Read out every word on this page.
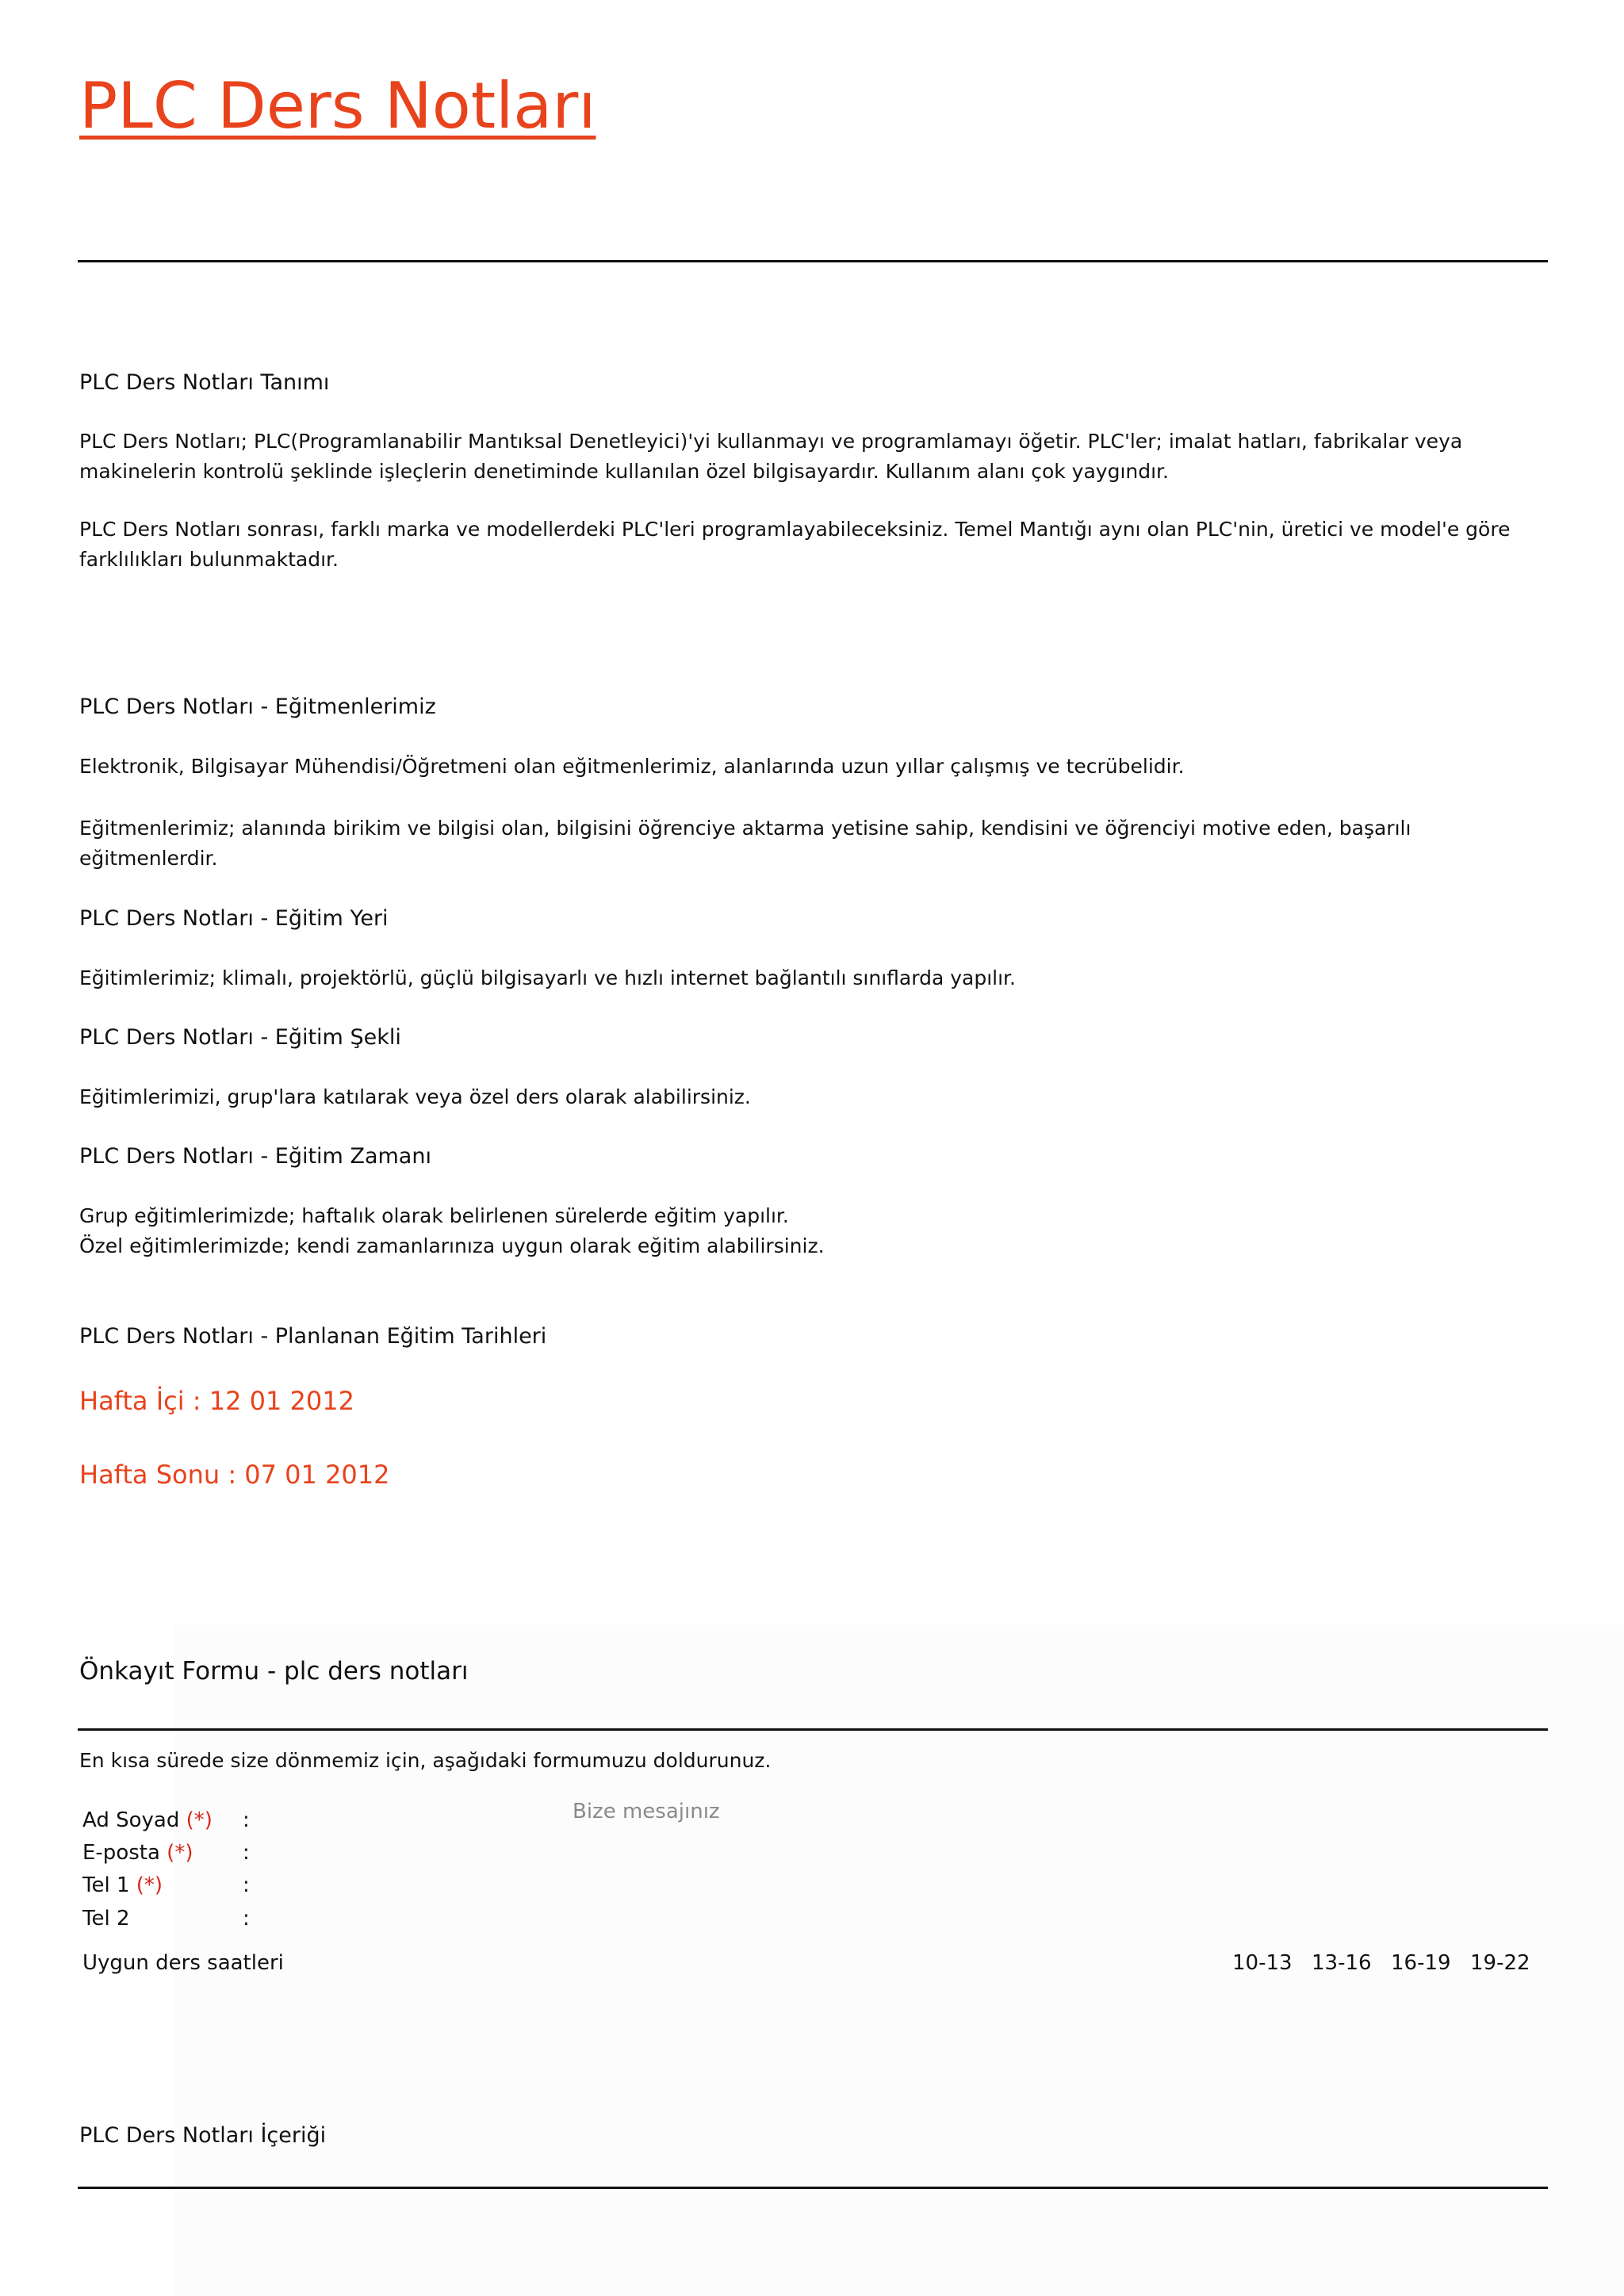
PLC Ders Notları
PLC Ders Notları Tanımı
PLC Ders Notları; PLC(Programlanabilir Mantıksal Denetleyici)'yi kullanmayı ve programlamayı öğetir. PLC'ler; imalat hatları, fabrikalar veya makinelerin kontrolü şeklinde işleçlerin denetiminde kullanılan özel bilgisayardır. Kullanım alanı çok yaygındır.
PLC Ders Notları sonrası, farklı marka ve modellerdeki PLC'leri programlayabileceksiniz. Temel Mantığı aynı olan PLC'nin, üretici ve model'e göre farklılıkları bulunmaktadır.
PLC Ders Notları - Eğitmenlerimiz
Elektronik, Bilgisayar Mühendisi/Öğretmeni olan eğitmenlerimiz, alanlarında uzun yıllar çalışmış ve tecrübelidir.
Eğitmenlerimiz; alanında birikim ve bilgisi olan, bilgisini öğrenciye aktarma yetisine sahip, kendisini ve öğrenciyi motive eden, başarılı eğitmenlerdir.
PLC Ders Notları - Eğitim Yeri
Eğitimlerimiz; klimalı, projektörlü, güçlü bilgisayarlı ve hızlı internet bağlantılı sınıflarda yapılır.
PLC Ders Notları - Eğitim Şekli
Eğitimlerimizi, grup'lara katılarak veya özel ders olarak alabilirsiniz.
PLC Ders Notları - Eğitim Zamanı
Grup eğitimlerimizde; haftalık olarak belirlenen sürelerde eğitim yapılır.
Özel eğitimlerimizde; kendi zamanlarınıza uygun olarak eğitim alabilirsiniz.
PLC Ders Notları - Planlanan Eğitim Tarihleri
Hafta İçi : 12 01 2012
Hafta Sonu : 07 01 2012
Önkayıt Formu - plc ders notları
En kısa sürede size dönmemiz için, aşağıdaki formumuzu doldurunuz.
Ad Soyad (*) :
E-posta (*) :
Tel 1 (*)	:
Tel 2	:
Bize mesajınız
Uygun ders saatleri	10-13 13-16 16-19 19-22
PLC Ders Notları İçeriği
